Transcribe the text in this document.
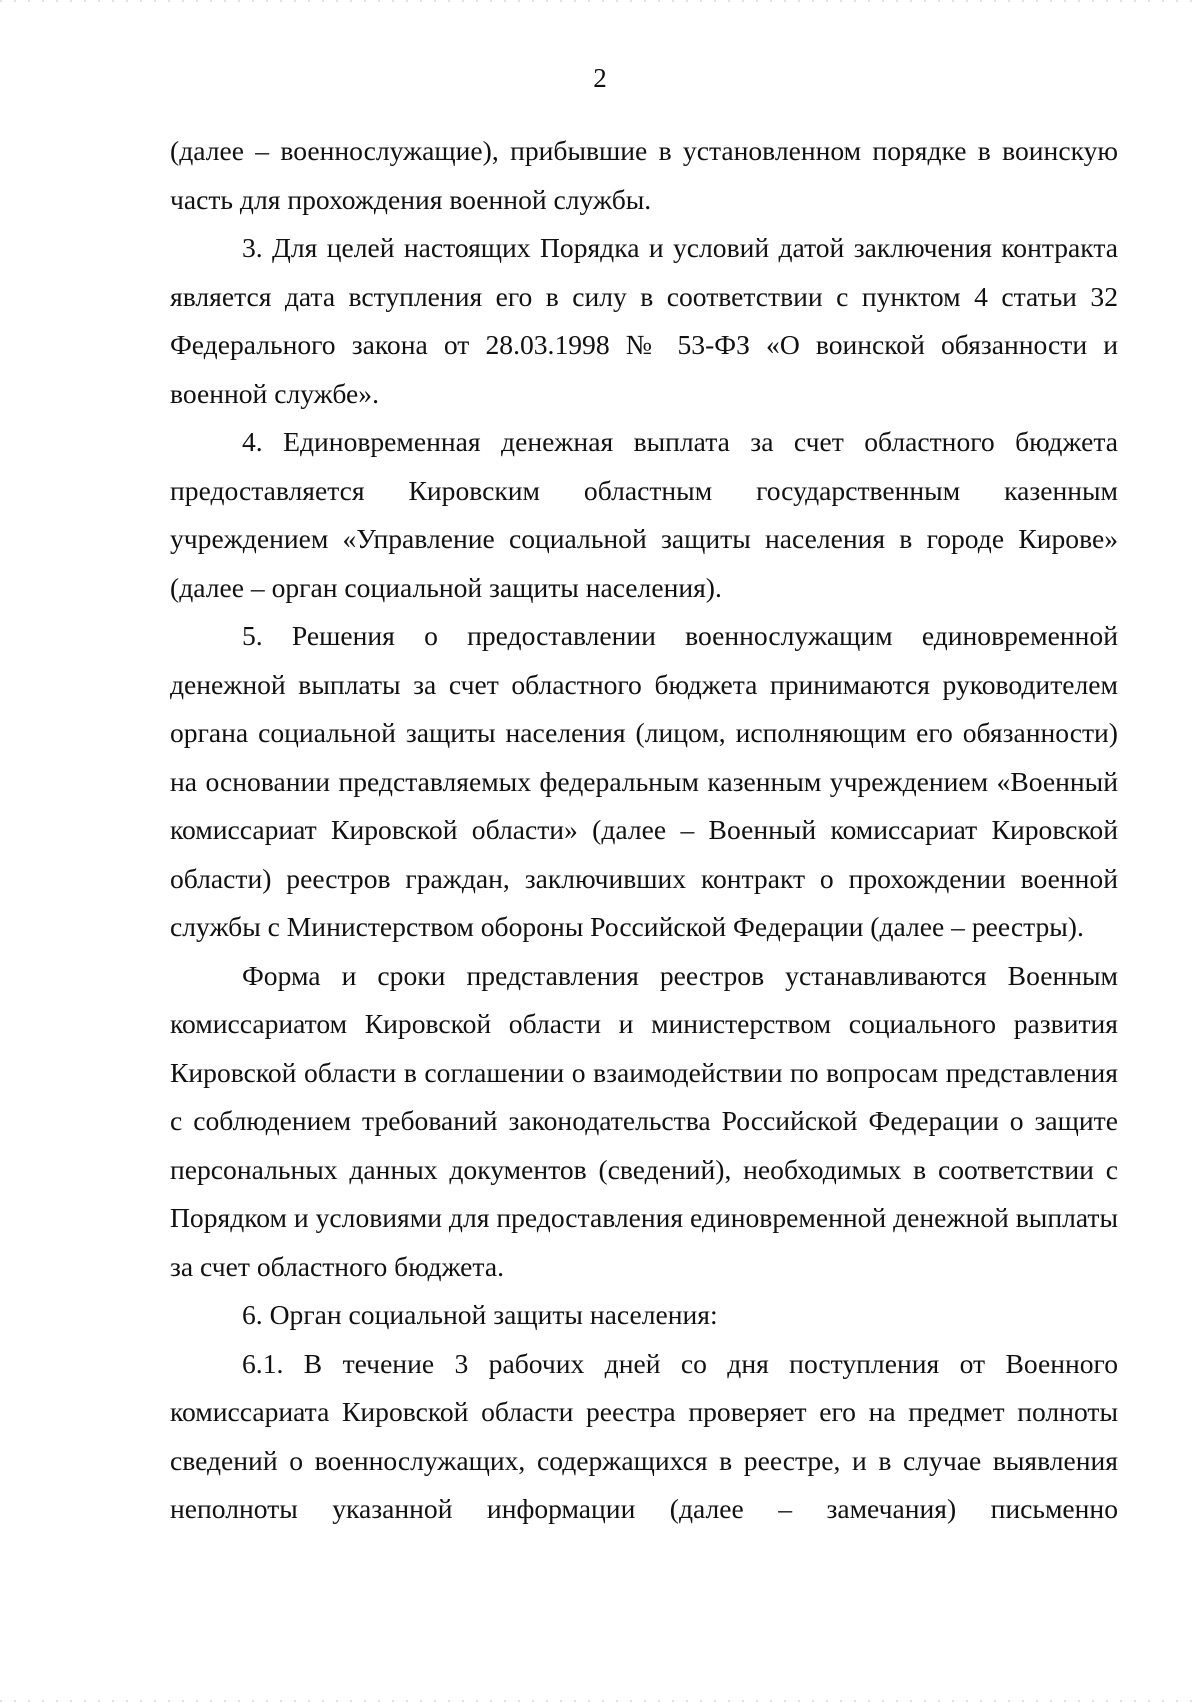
2

(далее – военнослужащие), прибывшие в установленном порядке в воинскую часть для прохождения военной службы.

3. Для целей настоящих Порядка и условий датой заключения контракта является дата вступления его в силу в соответствии с пунктом 4 статьи 32 Федерального закона от 28.03.1998 № 53-ФЗ «О воинской обязанности и военной службе».

4. Единовременная денежная выплата за счет областного бюджета предоставляется Кировским областным государственным казенным учреждением «Управление социальной защиты населения в городе Кирове» (далее – орган социальной защиты населения).

5. Решения о предоставлении военнослужащим единовременной денежной выплаты за счет областного бюджета принимаются руководителем органа социальной защиты населения (лицом, исполняющим его обязанности) на основании представляемых федеральным казенным учреждением «Военный комиссариат Кировской области» (далее – Военный комиссариат Кировской области) реестров граждан, заключивших контракт о прохождении военной службы с Министерством обороны Российской Федерации (далее – реестры).

Форма и сроки представления реестров устанавливаются Военным комиссариатом Кировской области и министерством социального развития Кировской области в соглашении о взаимодействии по вопросам представления с соблюдением требований законодательства Российской Федерации о защите персональных данных документов (сведений), необходимых в соответствии с Порядком и условиями для предоставления единовременной денежной выплаты за счет областного бюджета.

6. Орган социальной защиты населения:

6.1. В течение 3 рабочих дней со дня поступления от Военного комиссариата Кировской области реестра проверяет его на предмет полноты сведений о военнослужащих, содержащихся в реестре, и в случае выявления неполноты указанной информации (далее – замечания) письменно
